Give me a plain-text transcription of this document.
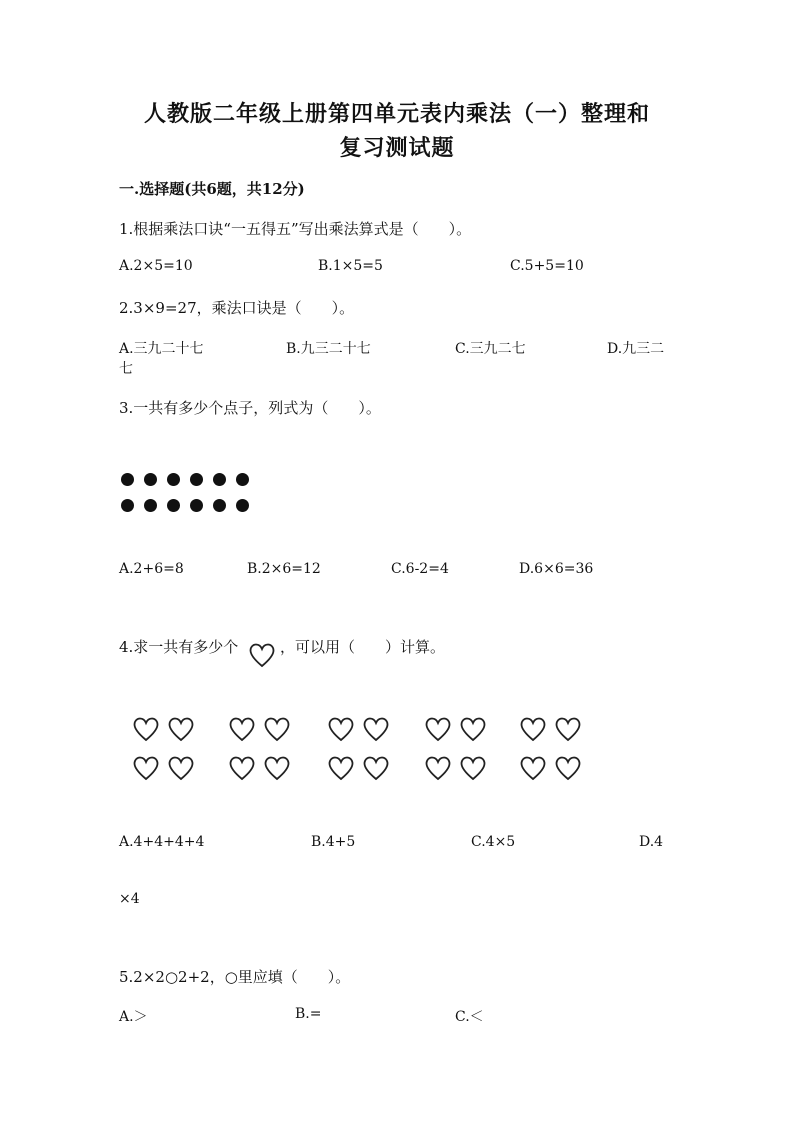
人教版二年级上册第四单元表内乘法（一）整理和
复习测试题
一.选择题(共6题，共12分)
1.根据乘法口诀“一五得五”写出乘法算式是（　　）。
A.2×5=10	B.1×5=5	C.5+5=10
2.3×9=27，乘法口诀是（　　）。
A.三九二十七	B.九三二十七	C.三九二七	D.九三二
七
3.一共有多少个点子，列式为（　　）。
A.2+6=8	B.2×6=12	C.6-2=4	D.6×6=36
4.求一共有多少个	，可以用（　　）计算。
A.4+4+4+4	B.4+5	C.4×5	D.4
×4
5.2×2○2+2，○里应填（　　）。
A.＞	B.=	C.＜
